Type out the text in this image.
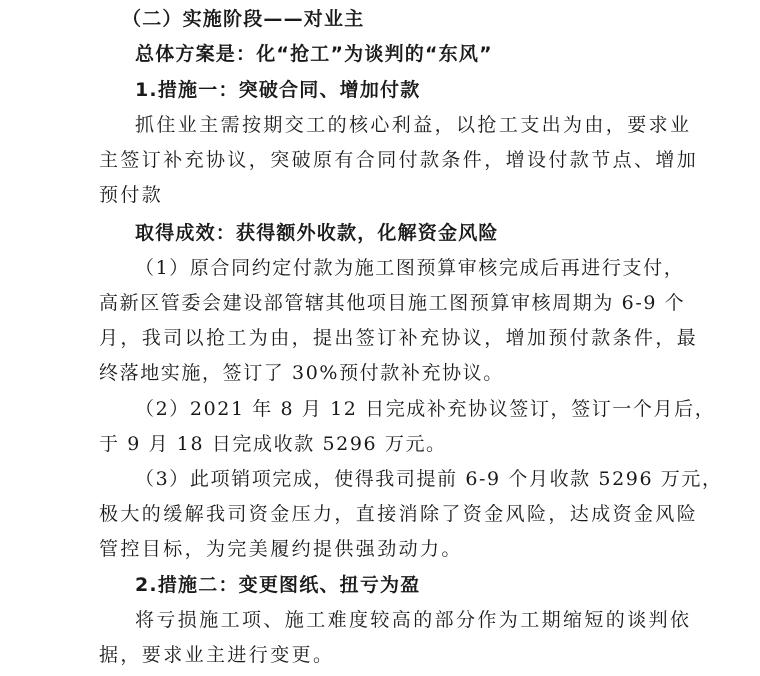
（二）实施阶段——对业主
总体方案是：化“抢工”为谈判的“东风”
1.措施一：突破合同、增加付款
抓住业主需按期交工的核心利益，以抢工支出为由，要求业
主签订补充协议，突破原有合同付款条件，增设付款节点、增加
预付款
取得成效：获得额外收款，化解资金风险
（1）原合同约定付款为施工图预算审核完成后再进行支付，
高新区管委会建设部管辖其他项目施工图预算审核周期为 6-9 个
月，我司以抢工为由，提出签订补充协议，增加预付款条件，最
终落地实施，签订了 30%预付款补充协议。
（2）2021 年 8 月 12 日完成补充协议签订，签订一个月后，
于 9 月 18 日完成收款 5296 万元。
（3）此项销项完成，使得我司提前 6-9 个月收款 5296 万元，
极大的缓解我司资金压力，直接消除了资金风险，达成资金风险
管控目标，为完美履约提供强劲动力。
2.措施二：变更图纸、扭亏为盈
将亏损施工项、施工难度较高的部分作为工期缩短的谈判依
据，要求业主进行变更。
